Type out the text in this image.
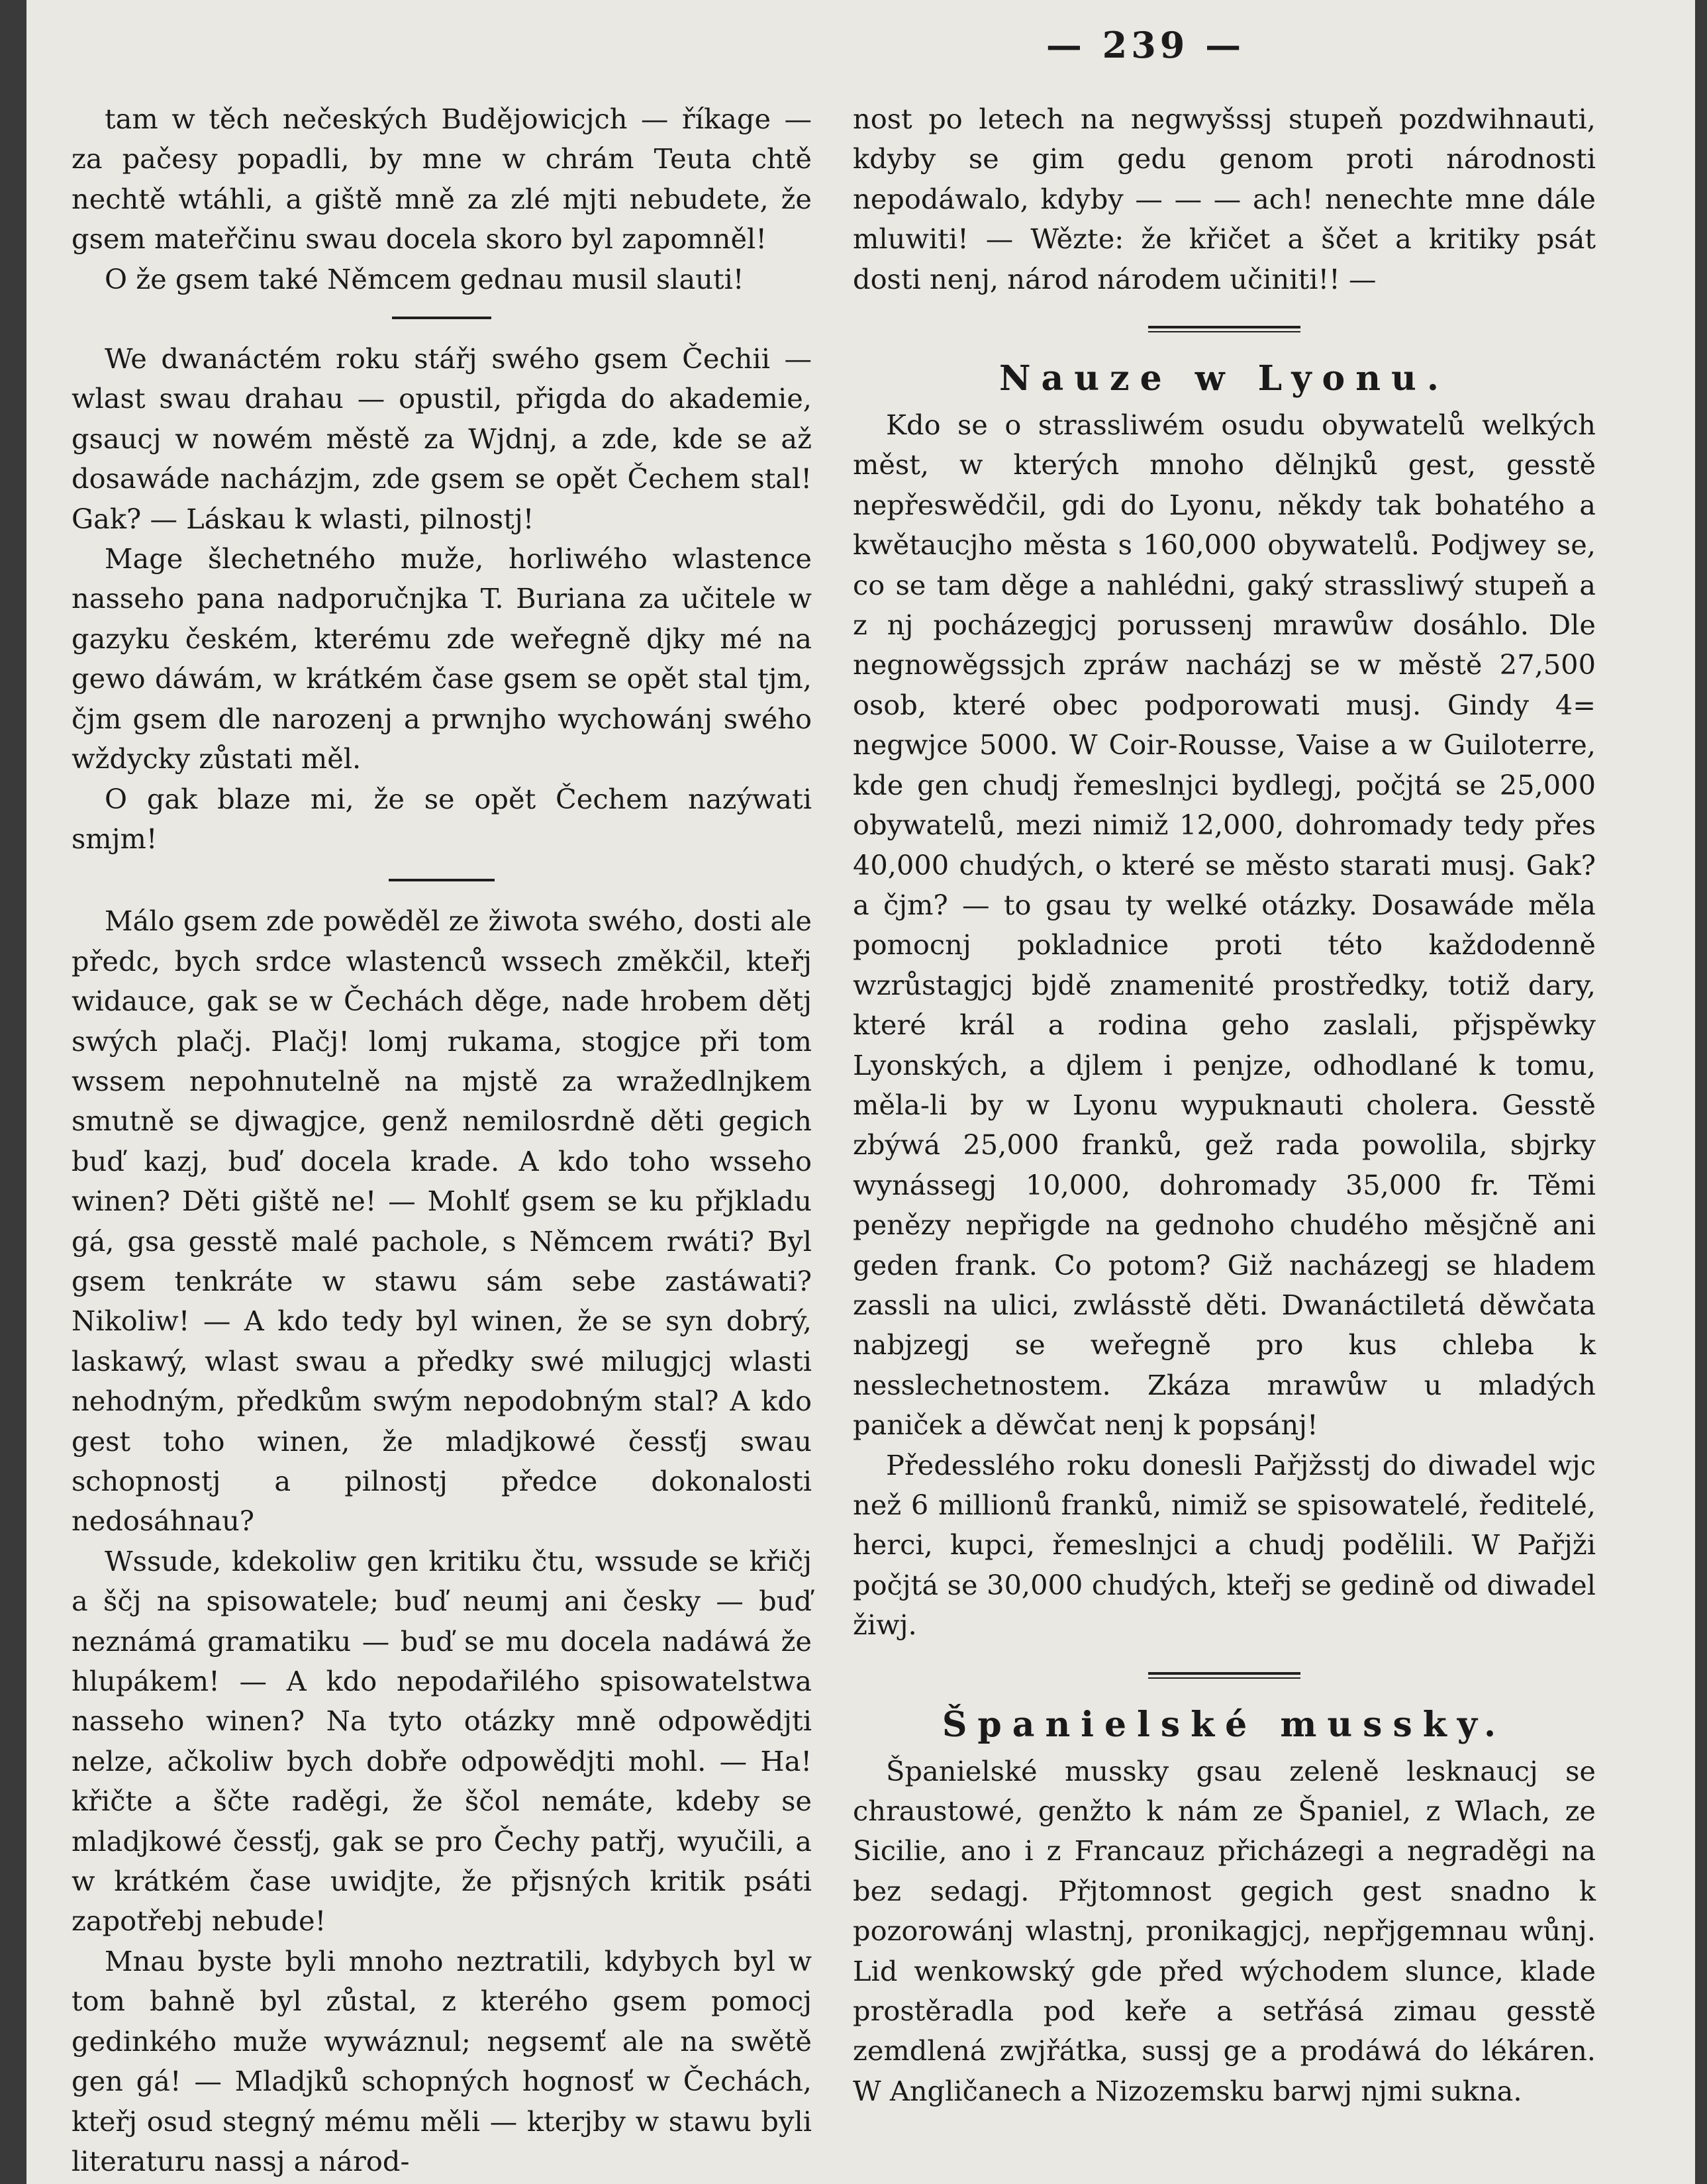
— 239 —

tam w těch nečeských Budějowicjch — říkage — za pačesy popadli, by mne w chrám Teuta chtě nechtě wtáhli, a giště mně za zlé mjti nebudete, že gsem mateřčinu swau docela skoro byl zapomněl!

O že gsem také Němcem gednau musil slauti!

We dwanáctém roku stářj swého gsem Čechii — wlast swau drahau — opustil, přigda do akademie, gsaucj w nowém městě za Wjdnj, a zde, kde se až dosawáde nacházjm, zde gsem se opět Čechem stal! Gak? — Láskau k wlasti, pilnostj!

Mage šlechetného muže, horliwého wlastence nasseho pana nadporučnjka T. Buriana za učitele w gazyku českém, kterému zde weřegně djky mé na gewo dáwám, w krátkém čase gsem se opět stal tjm, čjm gsem dle narozenj a prwnjho wychowánj swého wždycky zůstati měl.

O gak blaze mi, že se opět Čechem nazýwati smjm!

Málo gsem zde powěděl ze žiwota swého, dosti ale předc, bych srdce wlastenců wssech změkčil, kteřj widauce, gak se w Čechách děge, nade hrobem dětj swých plačj. Plačj! lomj rukama, stogjce při tom wssem nepohnutelně na mjstě za wražedlnjkem smutně se djwagjce, genž nemilosrdně děti gegich buď kazj, buď docela krade. A kdo toho wsseho winen? Děti giště ne! — Mohlť gsem se ku přjkladu gá, gsa gesstě malé pachole, s Němcem rwáti? Byl gsem tenkráte w stawu sám sebe zastáwati? Nikoliw! — A kdo tedy byl winen, že se syn dobrý, laskawý, wlast swau a předky swé milugjcj wlasti nehodným, předkům swým nepodobným stal? A kdo gest toho winen, že mladjkowé čessťj swau schopnostj a pilnostj předce dokonalosti nedosáhnau?

Wssude, kdekoliw gen kritiku čtu, wssude se křičj a ščj na spisowatele; buď neumj ani česky — buď neznámá gramatiku — buď se mu docela nadáwá že hlupákem! — A kdo nepodařilého spisowatelstwa nasseho winen? Na tyto otázky mně odpowědjti nelze, ačkoliw bych dobře odpowědjti mohl. — Ha! křičte a ščte raděgi, že ščol nemáte, kdeby se mladjkowé čessťj, gak se pro Čechy patřj, wyučili, a w krátkém čase uwidjte, že přjsných kritik psáti zapotřebj nebude!

Mnau byste byli mnoho neztratili, kdybych byl w tom bahně byl zůstal, z kterého gsem pomocj gedinkého muže wywáznul; negsemť ale na swětě gen gá! — Mladjků schopných hognosť w Čechách, kteřj osud stegný mému měli — kterjby w stawu byli literaturu nassj a národ-

nost po letech na negwyšssj stupeň pozdwihnauti, kdyby se gim gedu genom proti národnosti nepodáwalo, kdyby — — — ach! nenechte mne dále mluwiti! — Wězte: že křičet a ščet a kritiky psát dosti nenj, národ národem učiniti!! —

Nauze w Lyonu.

Kdo se o strassliwém osudu obywatelů welkých měst, w kterých mnoho dělnjků gest, gesstě nepřeswědčil, gdi do Lyonu, někdy tak bohatého a kwětaucjho města s 160,000 obywatelů. Podjwey se, co se tam děge a nahlédni, gaký strassliwý stupeň a z nj pocházegjcj porussenj mrawůw dosáhlo. Dle negnowěgssjch zpráw nacházj se w městě 27,500 osob, které obec podporowati musj. Gindy 4= negwjce 5000. W Coir-Rousse, Vaise a w Guiloterre, kde gen chudj řemeslnjci bydlegj, počjtá se 25,000 obywatelů, mezi nimiž 12,000, dohromady tedy přes 40,000 chudých, o které se město starati musj. Gak? a čjm? — to gsau ty welké otázky. Dosawáde měla pomocnj pokladnice proti této každodenně wzrůstagjcj bjdě znamenité prostředky, totiž dary, které král a rodina geho zaslali, přjspěwky Lyonských, a djlem i penjze, odhodlané k tomu, měla-li by w Lyonu wypuknauti cholera. Gesstě zbýwá 25,000 franků, gež rada powolila, sbjrky wynássegj 10,000, dohromady 35,000 fr. Těmi penězy nepřigde na gednoho chudého měsjčně ani geden frank. Co potom? Giž nacházegj se hladem zassli na ulici, zwlásstě děti. Dwanáctiletá děwčata nabjzegj se weřegně pro kus chleba k nesslechetnostem. Zkáza mrawůw u mladých paniček a děwčat nenj k popsánj!

Předesslého roku donesli Pařjžsstj do diwadel wjc než 6 millionů franků, nimiž se spisowatelé, ředitelé, herci, kupci, řemeslnjci a chudj podělili. W Pařjži počjtá se 30,000 chudých, kteřj se gedině od diwadel žiwj.

Španielské mussky.

Španielské mussky gsau zeleně lesknaucj se chraustowé, genžto k nám ze Španiel, z Wlach, ze Sicilie, ano i z Francauz přicházegi a negraděgi na bez sedagj. Přjtomnost gegich gest snadno k pozorowánj wlastnj, pronikagjcj, nepřjgemnau wůnj. Lid wenkowský gde před wýchodem slunce, klade prostěradla pod keře a setřásá zimau gesstě zemdlená zwjřátka, sussj ge a prodáwá do lékáren. W Angličanech a Nizozemsku barwj njmi sukna.
